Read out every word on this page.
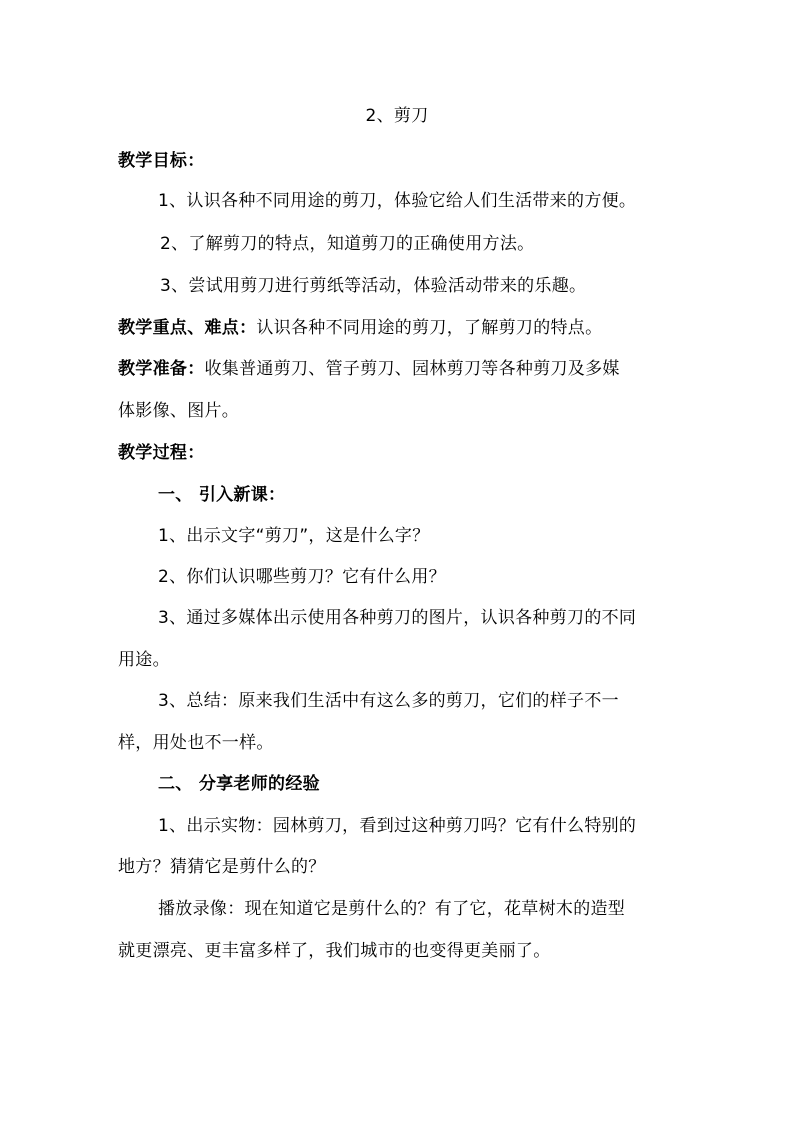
2、剪刀
教学目标：
1、认识各种不同用途的剪刀，体验它给人们生活带来的方便。
2、了解剪刀的特点，知道剪刀的正确使用方法。
3、尝试用剪刀进行剪纸等活动，体验活动带来的乐趣。
教学重点、难点：认识各种不同用途的剪刀，了解剪刀的特点。
教学准备：收集普通剪刀、管子剪刀、园林剪刀等各种剪刀及多媒
体影像、图片。
教学过程：
一、 引入新课：
1、出示文字“剪刀”，这是什么字？
2、你们认识哪些剪刀？它有什么用？
3、通过多媒体出示使用各种剪刀的图片，认识各种剪刀的不同
用途。
3、总结：原来我们生活中有这么多的剪刀，它们的样子不一
样，用处也不一样。
二、 分享老师的经验
1、出示实物：园林剪刀，看到过这种剪刀吗？它有什么特别的
地方？猜猜它是剪什么的？
播放录像：现在知道它是剪什么的？有了它，花草树木的造型
就更漂亮、更丰富多样了，我们城市的也变得更美丽了。
